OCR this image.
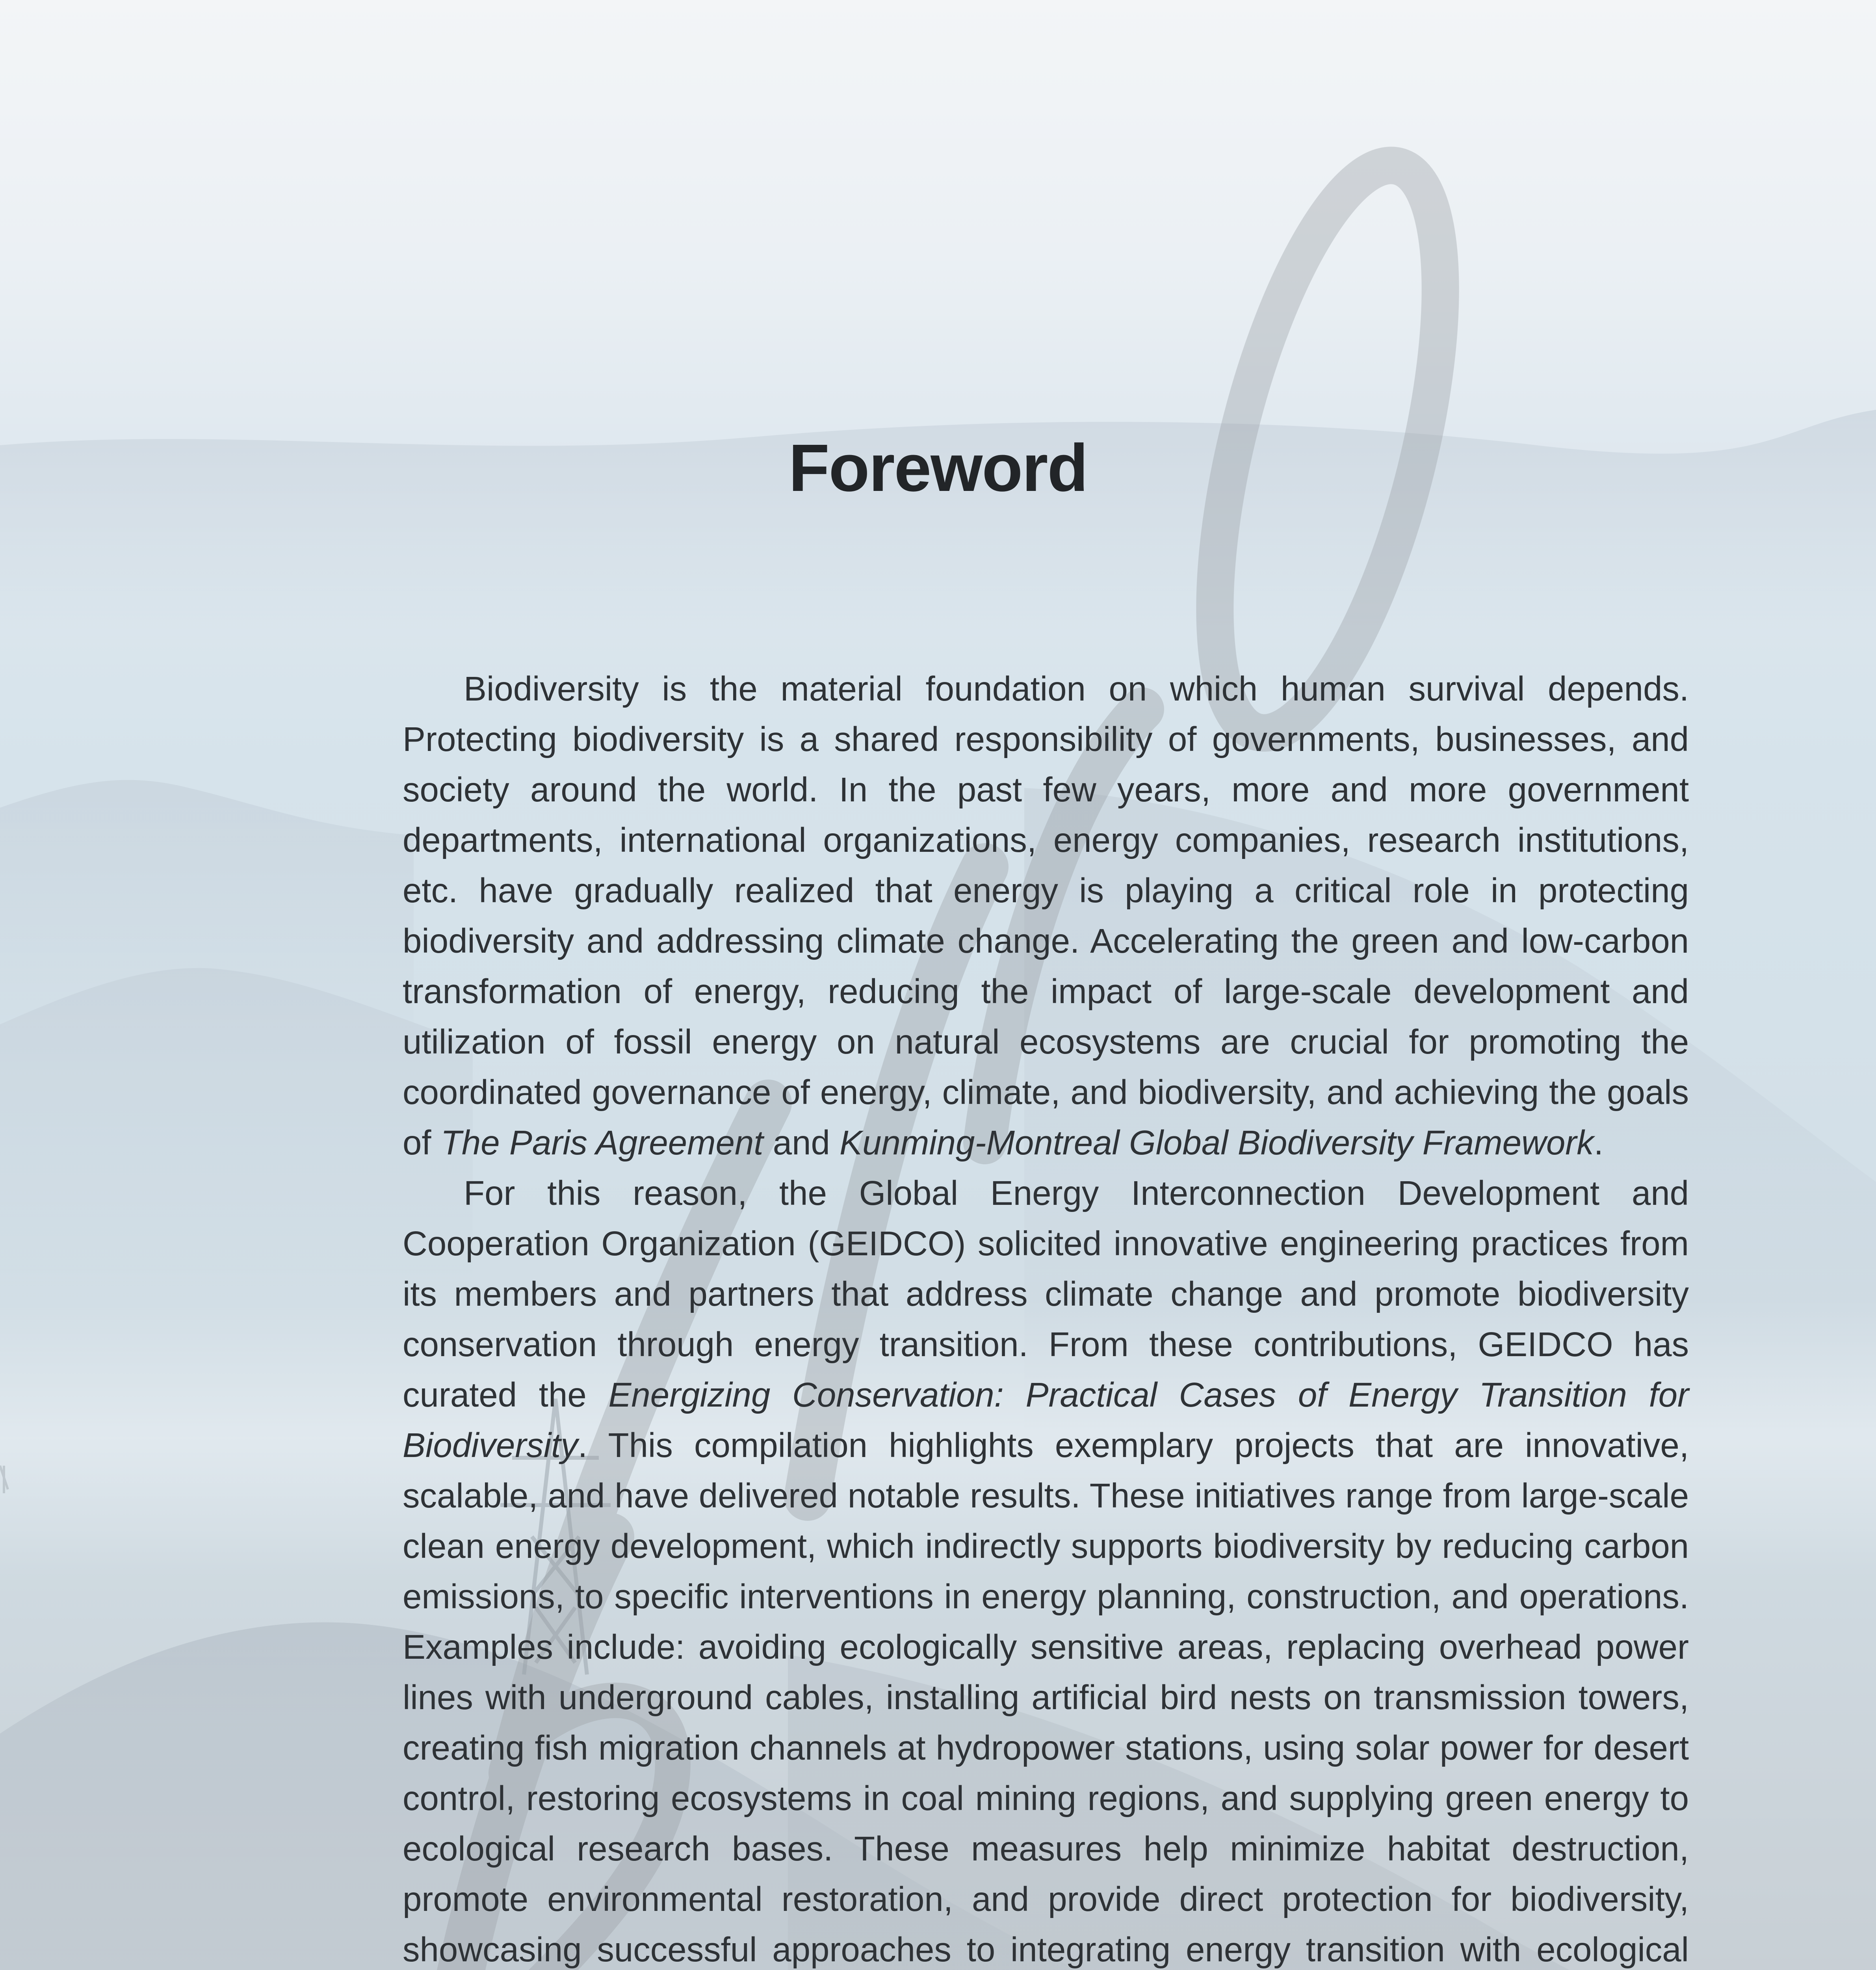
Foreword

Biodiversity is the material foundation on which human survival depends. Protecting biodiversity is a shared responsibility of governments, businesses, and society around the world. In the past few years, more and more government departments, international organizations, energy companies, research institutions, etc. have gradually realized that energy is playing a critical role in protecting biodiversity and addressing climate change. Accelerating the green and low-carbon transformation of energy, reducing the impact of large-scale development and utilization of fossil energy on natural ecosystems are crucial for promoting the coordinated governance of energy, climate, and biodiversity, and achieving the goals of The Paris Agreement and Kunming-Montreal Global Biodiversity Framework.

For this reason, the Global Energy Interconnection Development and Cooperation Organization (GEIDCO) solicited innovative engineering practices from its members and partners that address climate change and promote biodiversity conservation through energy transition. From these contributions, GEIDCO has curated the Energizing Conservation: Practical Cases of Energy Transition for Biodiversity. This compilation highlights exemplary projects that are innovative, scalable, and have delivered notable results. These initiatives range from large-scale clean energy development, which indirectly supports biodiversity by reducing carbon emissions, to specific interventions in energy planning, construction, and operations. Examples include: avoiding ecologically sensitive areas, replacing overhead power lines with underground cables, installing artificial bird nests on transmission towers, creating fish migration channels at hydropower stations, using solar power for desert control, restoring ecosystems in coal mining regions, and supplying green energy to ecological research bases. These measures help minimize habitat destruction, promote environmental restoration, and provide direct protection for biodiversity, showcasing successful approaches to integrating energy transition with ecological
